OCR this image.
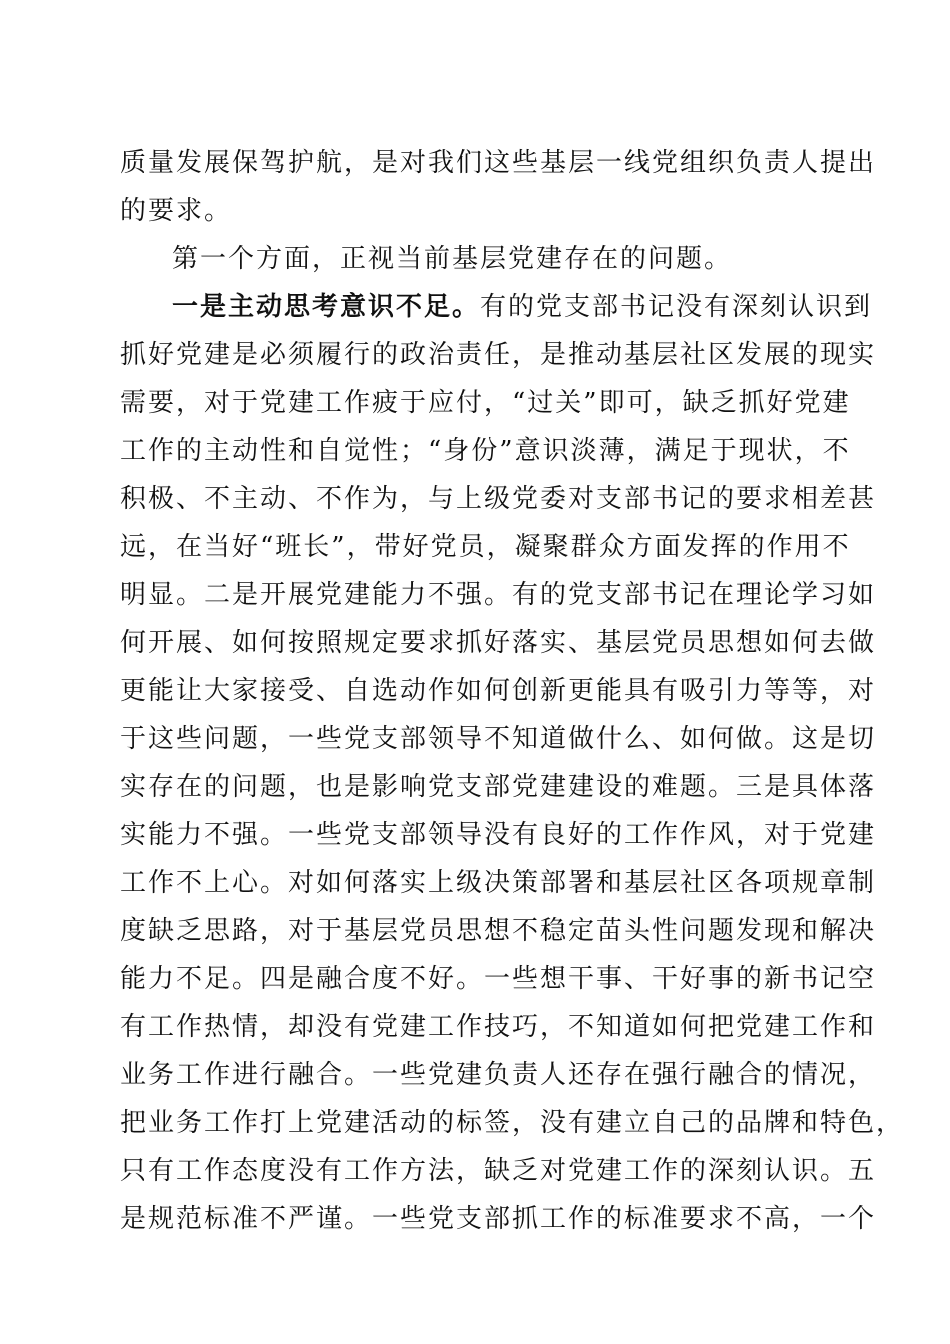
质量发展保驾护航，是对我们这些基层一线党组织负责人提出
的要求。
第一个方面，正视当前基层党建存在的问题。
一是主动思考意识不足。有的党支部书记没有深刻认识到
抓好党建是必须履行的政治责任，是推动基层社区发展的现实
需要，对于党建工作疲于应付，“过关”即可，缺乏抓好党建
工作的主动性和自觉性；“身份”意识淡薄，满足于现状，不
积极、不主动、不作为，与上级党委对支部书记的要求相差甚
远，在当好“班长”，带好党员，凝聚群众方面发挥的作用不
明显。二是开展党建能力不强。有的党支部书记在理论学习如
何开展、如何按照规定要求抓好落实、基层党员思想如何去做
更能让大家接受、自选动作如何创新更能具有吸引力等等，对
于这些问题，一些党支部领导不知道做什么、如何做。这是切
实存在的问题，也是影响党支部党建建设的难题。三是具体落
实能力不强。一些党支部领导没有良好的工作作风，对于党建
工作不上心。对如何落实上级决策部署和基层社区各项规章制
度缺乏思路，对于基层党员思想不稳定苗头性问题发现和解决
能力不足。四是融合度不好。一些想干事、干好事的新书记空
有工作热情，却没有党建工作技巧，不知道如何把党建工作和
业务工作进行融合。一些党建负责人还存在强行融合的情况，
把业务工作打上党建活动的标签，没有建立自己的品牌和特色，
只有工作态度没有工作方法，缺乏对党建工作的深刻认识。五
是规范标准不严谨。一些党支部抓工作的标准要求不高，一个
